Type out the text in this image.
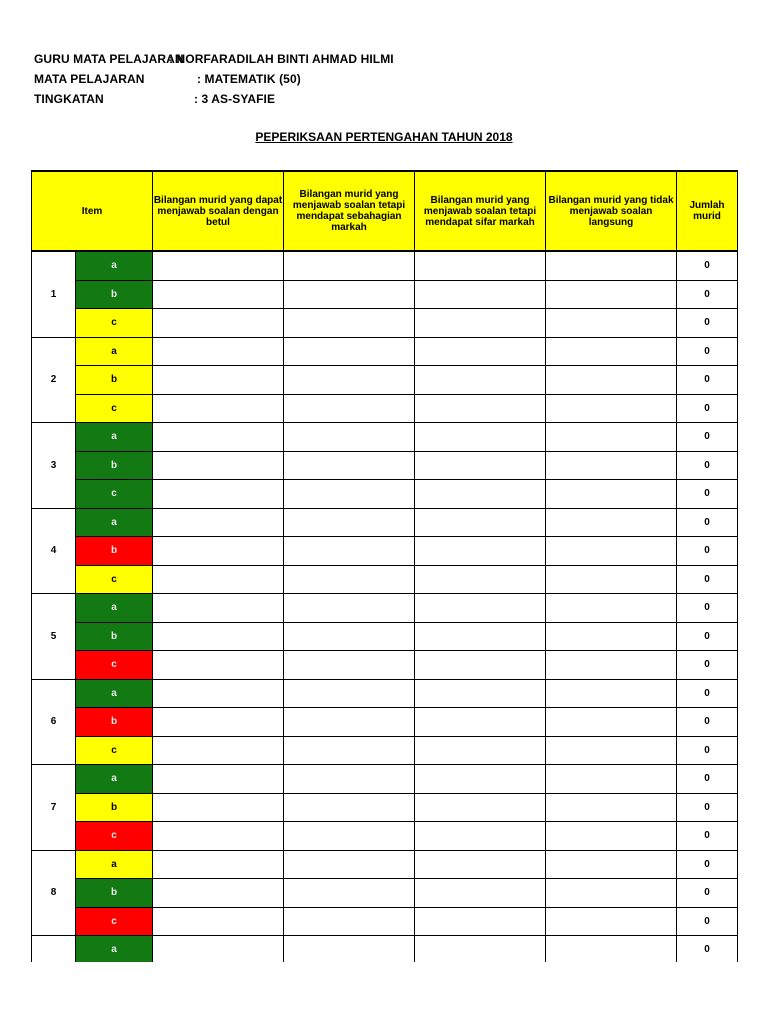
GURU MATA PELAJARAN
: NORFARADILAH BINTI AHMAD HILMI
MATA PELAJARAN	: MATEMATIK (50)
TINGKATAN	: 3 AS-SYAFIE
PEPERIKSAAN PERTENGAHAN TAHUN 2018
Item		Bilangan murid yang dapat menjawab soalan dengan betul	Bilangan murid yang menjawab soalan tetapi mendapat sebahagian markah	Bilangan murid yang menjawab soalan tetapi mendapat sifar markah	Bilangan murid yang tidak menjawab soalan langsung	Jumlah murid
1	a					0
	b					0
	c					0
2	a					0
	b					0
	c					0
3	a					0
	b					0
	c					0
4	a					0
	b					0
	c					0
5	a					0
	b					0
	c					0
6	a					0
	b					0
	c					0
7	a					0
	b					0
	c					0
8	a					0
	b					0
	c					0
	a					0
